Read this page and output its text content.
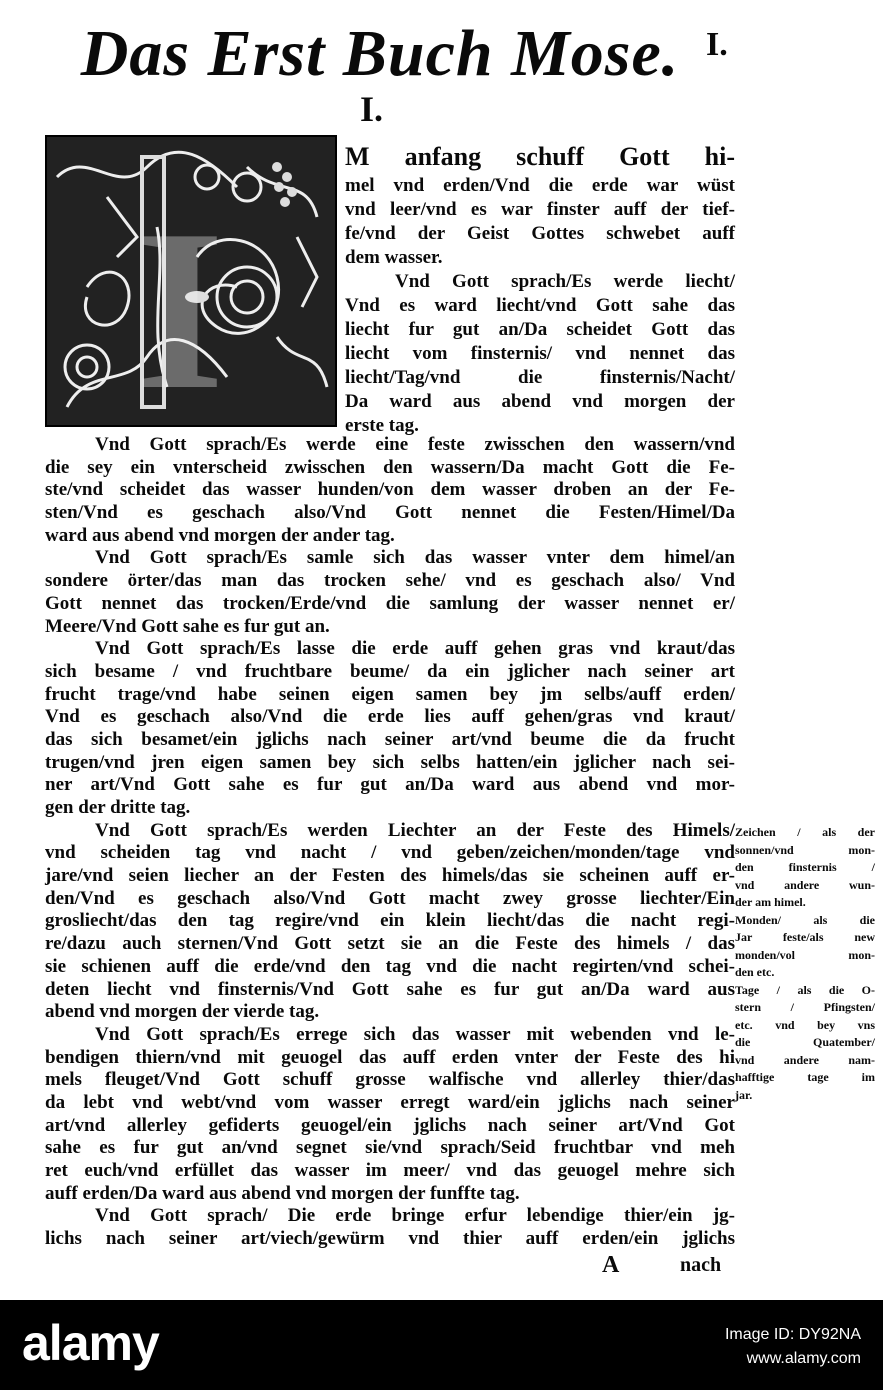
Das Erst Buch Mose. I.
I.
I
M anfang schuff Gott hi-
mel vnd erden/Vnd die erde war wüst
vnd leer/vnd es war finster auff der tief-
fe/vnd der Geist Gottes schwebet auff
dem wasser.
Vnd Gott sprach/Es werde liecht/
Vnd es ward liecht/vnd Gott sahe das
liecht fur gut an/Da scheidet Gott das
liecht vom finsternis/ vnd nennet das
liecht/Tag/vnd die finsternis/Nacht/
Da ward aus abend vnd morgen der
erste tag.
Vnd Gott sprach/Es werde eine feste zwisschen den wassern/vnd
die sey ein vnterscheid zwisschen den wassern/Da macht Gott die Fe-
ste/vnd scheidet das wasser hunden/von dem wasser droben an der Fe-
sten/Vnd es geschach also/Vnd Gott nennet die Festen/Himel/Da
ward aus abend vnd morgen der ander tag.
Vnd Gott sprach/Es samle sich das wasser vnter dem himel/an
sondere örter/das man das trocken sehe/ vnd es geschach also/ Vnd
Gott nennet das trocken/Erde/vnd die samlung der wasser nennet er/
Meere/Vnd Gott sahe es fur gut an.
Vnd Gott sprach/Es lasse die erde auff gehen gras vnd kraut/das
sich besame / vnd fruchtbare beume/ da ein jglicher nach seiner art
frucht trage/vnd habe seinen eigen samen bey jm selbs/auff erden/
Vnd es geschach also/Vnd die erde lies auff gehen/gras vnd kraut/
das sich besamet/ein jglichs nach seiner art/vnd beume die da frucht
trugen/vnd jren eigen samen bey sich selbs hatten/ein jglicher nach sei-
ner art/Vnd Gott sahe es fur gut an/Da ward aus abend vnd mor-
gen der dritte tag.
Vnd Gott sprach/Es werden Liechter an der Feste des Himels/
vnd scheiden tag vnd nacht / vnd geben/zeichen/monden/tage vnd
jare/vnd seien liecher an der Festen des himels/das sie scheinen auff er-
den/Vnd es geschach also/Vnd Gott macht zwey grosse liechter/Ein
grosliecht/das den tag regire/vnd ein klein liecht/das die nacht regi-
re/dazu auch sternen/Vnd Gott setzt sie an die Feste des himels / das
sie schienen auff die erde/vnd den tag vnd die nacht regirten/vnd schei-
deten liecht vnd finsternis/Vnd Gott sahe es fur gut an/Da ward aus
abend vnd morgen der vierde tag.
Vnd Gott sprach/Es errege sich das wasser mit webenden vnd le-
bendigen thiern/vnd mit geuogel das auff erden vnter der Feste des hi
mels fleuget/Vnd Gott schuff grosse walfische vnd allerley thier/das
da lebt vnd webt/vnd vom wasser erregt ward/ein jglichs nach seiner
art/vnd allerley gefiderts geuogel/ein jglichs nach seiner art/Vnd Got
sahe es fur gut an/vnd segnet sie/vnd sprach/Seid fruchtbar vnd meh
ret euch/vnd erfüllet das wasser im meer/ vnd das geuogel mehre sich
auff erden/Da ward aus abend vnd morgen der funffte tag.
Vnd Gott sprach/ Die erde bringe erfur lebendige thier/ein jg-
lichs nach seiner art/viech/gewürm vnd thier auff erden/ein jglichs
Zeichen / als der
sonnen/vnd mon-
den finsternis /
vnd andere wun-
der am himel.
Monden/ als die
Jar feste/als new
monden/vol mon-
den etc.
Tage / als die O-
stern / Pfingsten/
etc. vnd bey vns
die Quatember/
vnd andere nam-
hafftige tage im
jar.
A	nach
alamy	Image ID: DY92NA
www.alamy.com
